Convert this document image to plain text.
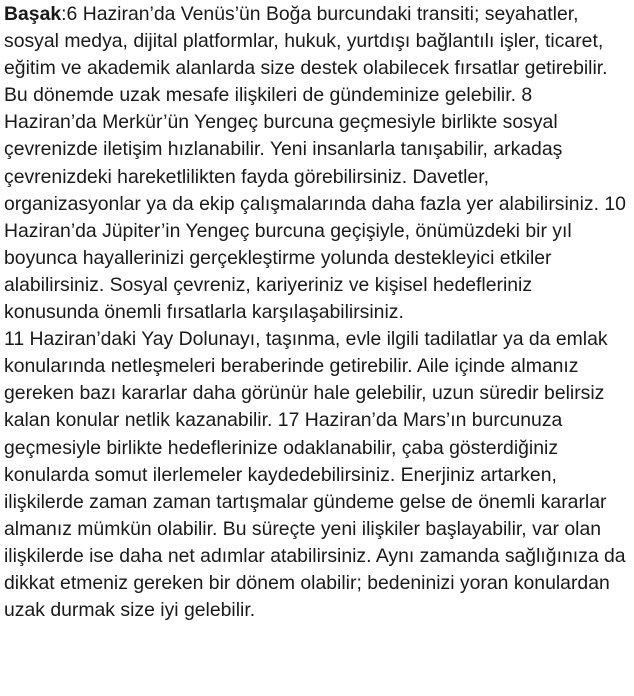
Başak:6 Haziran’da Venüs’ün Boğa burcundaki transiti; seyahatler, sosyal medya, dijital platformlar, hukuk, yurtdışı bağlantılı işler, ticaret, eğitim ve akademik alanlarda size destek olabilecek fırsatlar getirebilir. Bu dönemde uzak mesafe ilişkileri de gündeminize gelebilir. 8 Haziran’da Merkür’ün Yengeç burcuna geçmesiyle birlikte sosyal çevrenizde iletişim hızlanabilir. Yeni insanlarla tanışabilir, arkadaş çevrenizdeki hareketlilikten fayda görebilirsiniz. Davetler, organizasyonlar ya da ekip çalışmalarında daha fazla yer alabilirsiniz. 10 Haziran’da Jüpiter’in Yengeç burcuna geçişiyle, önümüzdeki bir yıl boyunca hayallerinizi gerçekleştirme yolunda destekleyici etkiler alabilirsiniz. Sosyal çevreniz, kariyeriniz ve kişisel hedefleriniz konusunda önemli fırsatlarla karşılaşabilirsiniz.

11 Haziran’daki Yay Dolunayı, taşınma, evle ilgili tadilatlar ya da emlak konularında netleşmeleri beraberinde getirebilir. Aile içinde almanız gereken bazı kararlar daha görünür hale gelebilir, uzun süredir belirsiz kalan konular netlik kazanabilir. 17 Haziran’da Mars’ın burcunuza geçmesiyle birlikte hedeflerinize odaklanabilir, çaba gösterdiğiniz konularda somut ilerlemeler kaydedebilirsiniz. Enerjiniz artarken, ilişkilerde zaman zaman tartışmalar gündeme gelse de önemli kararlar almanız mümkün olabilir. Bu süreçte yeni ilişkiler başlayabilir, var olan ilişkilerde ise daha net adımlar atabilirsiniz. Aynı zamanda sağlığınıza da dikkat etmeniz gereken bir dönem olabilir; bedeninizi yoran konulardan uzak durmak size iyi gelebilir.
